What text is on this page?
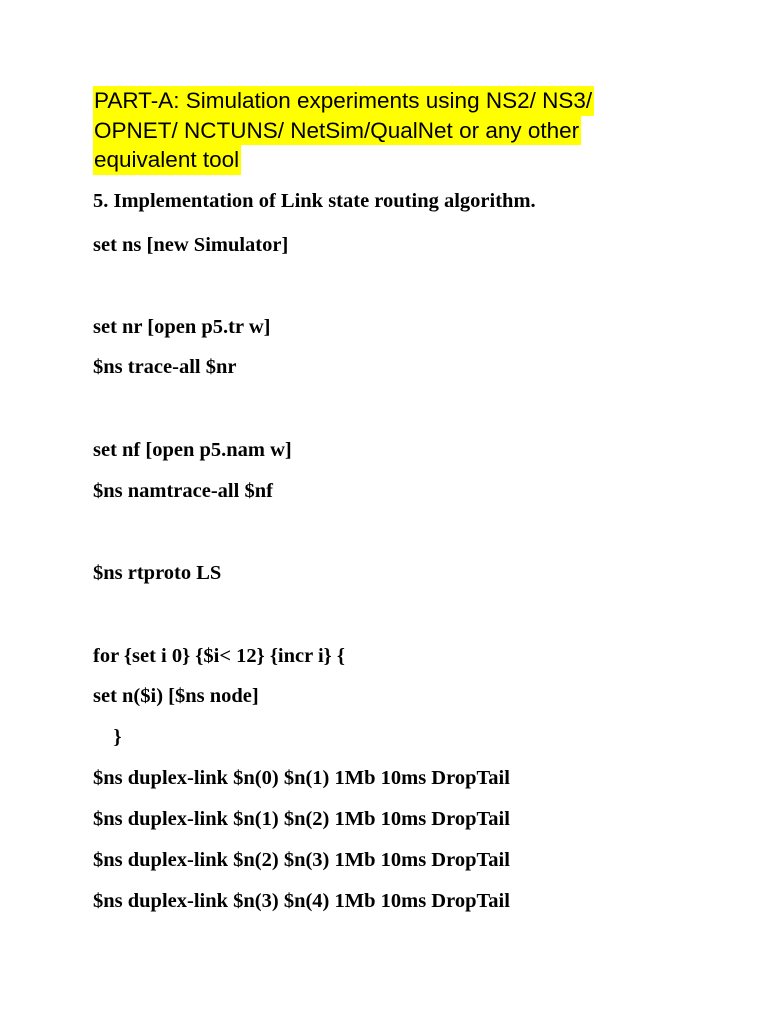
PART-A: Simulation experiments using NS2/ NS3/
OPNET/ NCTUNS/ NetSim/QualNet or any other
equivalent tool
5. Implementation of Link state routing algorithm.
set ns [new Simulator]
set nr [open p5.tr w]
$ns trace-all $nr
set nf [open p5.nam w]
$ns namtrace-all $nf
$ns rtproto LS
for {set i 0} {$i< 12} {incr i} {
set n($i) [$ns node]
}
$ns duplex-link $n(0) $n(1) 1Mb 10ms DropTail
$ns duplex-link $n(1) $n(2) 1Mb 10ms DropTail
$ns duplex-link $n(2) $n(3) 1Mb 10ms DropTail
$ns duplex-link $n(3) $n(4) 1Mb 10ms DropTail
